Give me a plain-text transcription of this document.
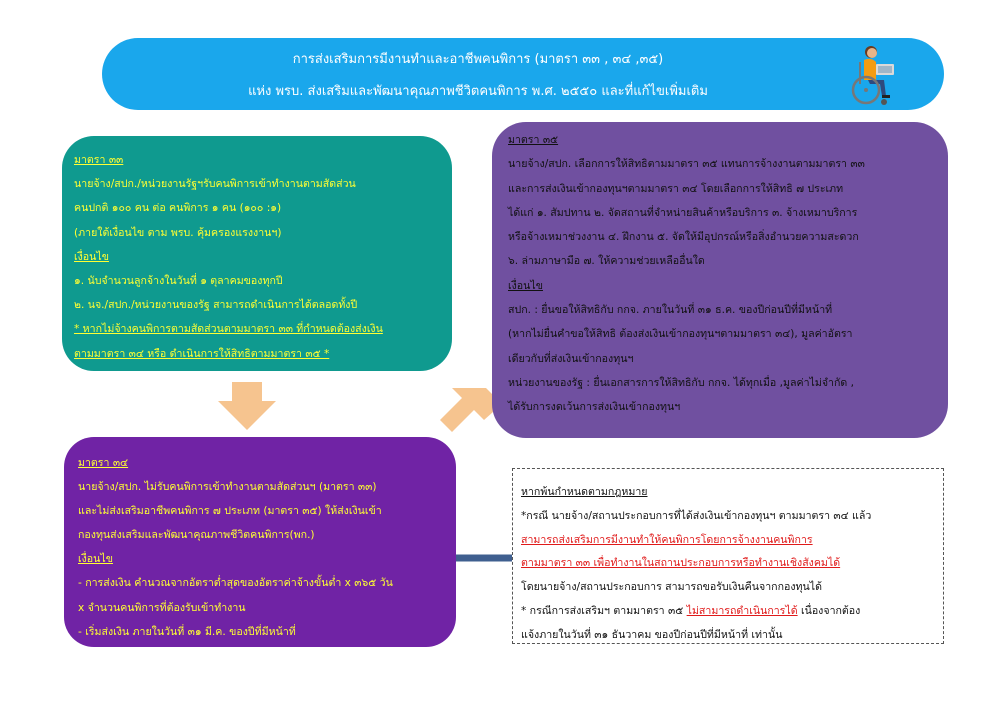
การส่งเสริมการมีงานทำและอาชีพคนพิการ (มาตรา ๓๓ , ๓๔ ,๓๕)
แห่ง พรบ. ส่งเสริมและพัฒนาคุณภาพชีวิตคนพิการ พ.ศ. ๒๕๕๐ และที่แก้ไขเพิ่มเติม
มาตรา ๓๓
นายจ้าง/สปก./หน่วยงานรัฐฯรับคนพิการเข้าทำงานตามสัดส่วน
คนปกติ ๑๐๐ คน ต่อ คนพิการ ๑ คน (๑๐๐ :๑)
(ภายใต้เงื่อนไข ตาม พรบ. คุ้มครองแรงงานฯ)
เงื่อนไข
๑. นับจำนวนลูกจ้างในวันที่ ๑ ตุลาคมของทุกปี
๒. นจ./สปก./หน่วยงานของรัฐ สามารถดำเนินการได้ตลอดทั้งปี
* หากไม่จ้างคนพิการตามสัดส่วนตามมาตรา ๓๓ ที่กำหนดต้องส่งเงิน
ตามมาตรา ๓๔ หรือ ดำเนินการให้สิทธิตามมาตรา ๓๕ *
มาตรา ๓๕
นายจ้าง/สปก. เลือกการให้สิทธิตามมาตรา ๓๕ แทนการจ้างงานตามมาตรา ๓๓
และการส่งเงินเข้ากองทุนฯตามมาตรา ๓๔ โดยเลือกการให้สิทธิ ๗ ประเภท
ได้แก่ ๑. สัมปทาน ๒. จัดสถานที่จำหน่ายสินค้าหรือบริการ ๓. จ้างเหมาบริการ
หรือจ้างเหมาช่วงงาน ๔. ฝึกงาน ๕. จัดให้มีอุปกรณ์หรือสิ่งอำนวยความสะดวก
๖. ล่ามภาษามือ ๗. ให้ความช่วยเหลืออื่นใด
เงื่อนไข
สปก. : ยื่นขอให้สิทธิกับ กกจ. ภายในวันที่ ๓๑ ธ.ค. ของปีก่อนปีที่มีหน้าที่
(หากไม่ยื่นคำขอให้สิทธิ ต้องส่งเงินเข้ากองทุนฯตามมาตรา ๓๔), มูลค่าอัตรา
เดียวกับที่ส่งเงินเข้ากองทุนฯ
หน่วยงานของรัฐ : ยื่นเอกสารการให้สิทธิกับ กกจ. ได้ทุกเมื่อ ,มูลค่าไม่จำกัด ,
ได้รับการงดเว้นการส่งเงินเข้ากองทุนฯ
มาตรา ๓๔
นายจ้าง/สปก. ไม่รับคนพิการเข้าทำงานตามสัดส่วนฯ (มาตรา ๓๓)
และไม่ส่งเสริมอาชีพคนพิการ ๗ ประเภท (มาตรา ๓๕) ให้ส่งเงินเข้า
กองทุนส่งเสริมและพัฒนาคุณภาพชีวิตคนพิการ(พก.)
เงื่อนไข
- การส่งเงิน คำนวณจากอัตราต่ำสุดของอัตราค่าจ้างขั้นต่ำ x ๓๖๕ วัน
x จำนวนคนพิการที่ต้องรับเข้าทำงาน
- เริ่มส่งเงิน ภายในวันที่ ๓๑ มี.ค. ของปีที่มีหน้าที่
หากพ้นกำหนดตามกฎหมาย
*กรณี นายจ้าง/สถานประกอบการที่ได้ส่งเงินเข้ากองทุนฯ ตามมาตรา ๓๔ แล้ว
สามารถส่งเสริมการมีงานทำให้คนพิการโดยการจ้างงานคนพิการ
ตามมาตรา ๓๓ เพื่อทำงานในสถานประกอบการหรือทำงานเชิงสังคมได้
โดยนายจ้าง/สถานประกอบการ สามารถขอรับเงินคืนจากกองทุนได้
* กรณีการส่งเสริมฯ ตามมาตรา ๓๕ ไม่สามารถดำเนินการได้ เนื่องจากต้อง
แจ้งภายในวันที่ ๓๑ ธันวาคม ของปีก่อนปีที่มีหน้าที่ เท่านั้น
